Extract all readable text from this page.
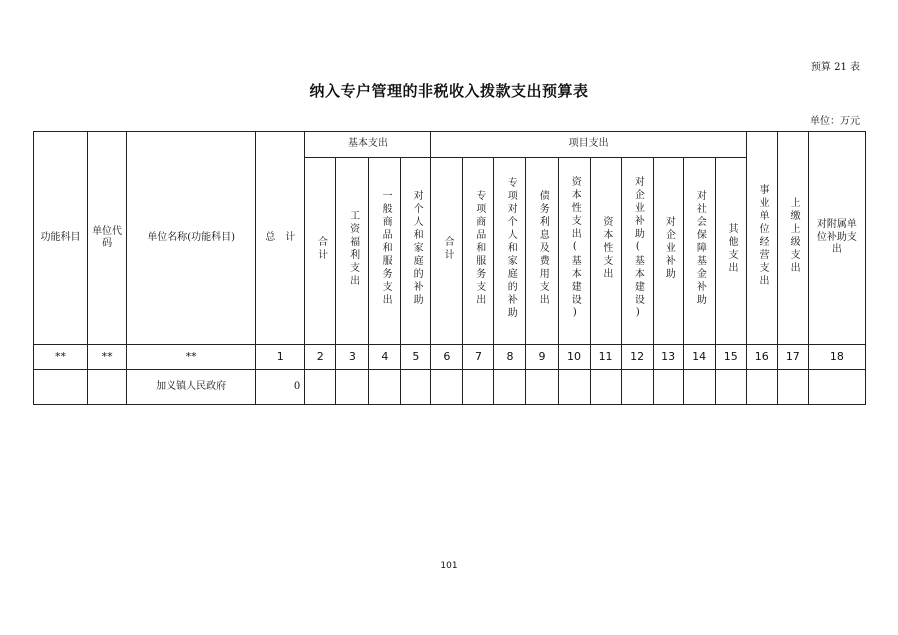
预算 21 表
纳入专户管理的非税收入拨款支出预算表
单位：万元
功能科目	单位代码	单位名称(功能科目)	总　计	基本支出				项目支出										事业单位经营支出	上缴上级支出	对附属单位补助支出
				合计	工资福利支出	一般商品和服务支出	对个人和家庭的补助	合计	专项商品和服务支出	专项对个人和家庭的补助	债务利息及费用支出	资本性支出(基本建设)	资本性支出	对企业补助(基本建设)	对企业补助	对社会保障基金补助	其他支出			
**	**	**	1	2	3	4	5	6	7	8	9	10	11	12	13	14	15	16	17	18
		加义镇人民政府	0																	
101
